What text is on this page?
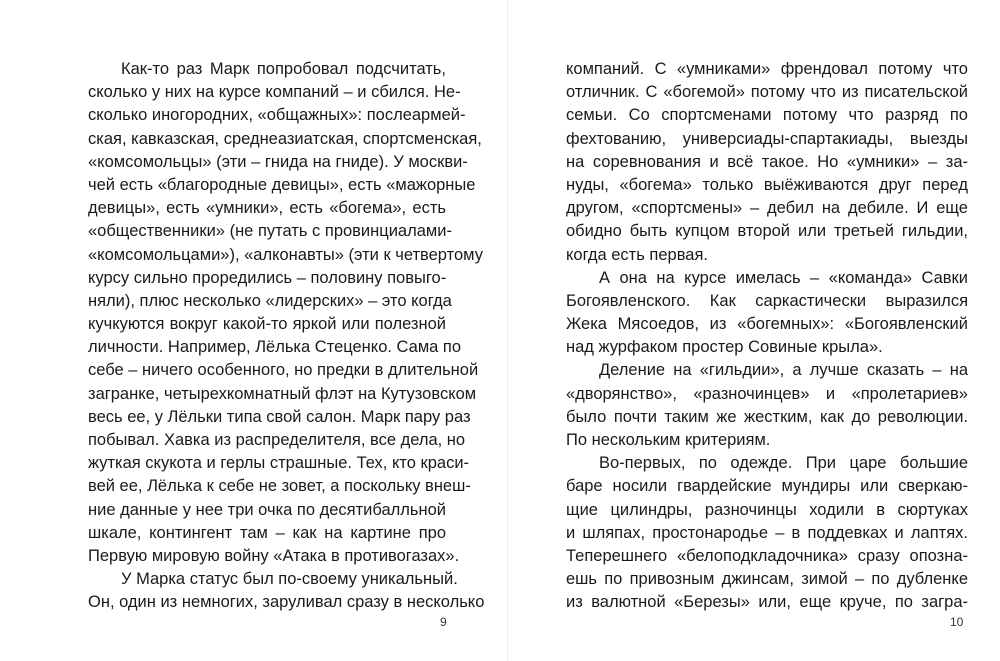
Как-то раз Марк попробовал подсчитать,
сколько у них на курсе компаний – и сбился. Не-
сколько иногородних, «общажных»: послеармей-
ская, кавказская, среднеазиатская, спортсменская,
«комсомольцы» (эти – гнида на гниде). У москви-
чей есть «благородные девицы», есть «мажорные
девицы», есть «умники», есть «богема», есть
«общественники» (не путать с провинциалами-
«комсомольцами»), «алконавты» (эти к четвертому
курсу сильно проредились – половину повыго-
няли), плюс несколько «лидерских» – это когда
кучкуются вокруг какой-то яркой или полезной
личности. Например, Лёлька Стеценко. Сама по
себе – ничего особенного, но предки в длительной
загранке, четырехкомнатный флэт на Кутузовском
весь ее, у Лёльки типа свой салон. Марк пару раз
побывал. Хавка из распределителя, все дела, но
жуткая скукота и герлы страшные. Тех, кто краси-
вей ее, Лёлька к себе не зовет, а поскольку внеш-
ние данные у нее три очка по десятибалльной
шкале, контингент там – как на картине про
Первую мировую войну «Атака в противогазах».
У Марка статус был по-своему уникальный.
Он, один из немногих, заруливал сразу в несколько
9
компаний. С «умниками» френдовал потому что
отличник. С «богемой» потому что из писательской
семьи. Со спортсменами потому что разряд по
фехтованию, универсиады-спартакиады, выезды
на соревнования и всё такое. Но «умники» – за-
нуды, «богема» только выёживаются друг перед
другом, «спортсмены» – дебил на дебиле. И еще
обидно быть купцом второй или третьей гильдии,
когда есть первая.
А она на курсе имелась – «команда» Савки
Богоявленского. Как саркастически выразился
Жека Мясоедов, из «богемных»: «Богоявленский
над журфаком простер Совиные крыла».
Деление на «гильдии», а лучше сказать – на
«дворянство», «разночинцев» и «пролетариев»
было почти таким же жестким, как до революции.
По нескольким критериям.
Во-первых, по одежде. При царе большие
баре носили гвардейские мундиры или сверкаю-
щие цилиндры, разночинцы ходили в сюртуках
и шляпах, простонародье – в поддевках и лаптях.
Теперешнего «белоподкладочника» сразу опозна-
ешь по привозным джинсам, зимой – по дубленке
из валютной «Березы» или, еще круче, по загра-
10
